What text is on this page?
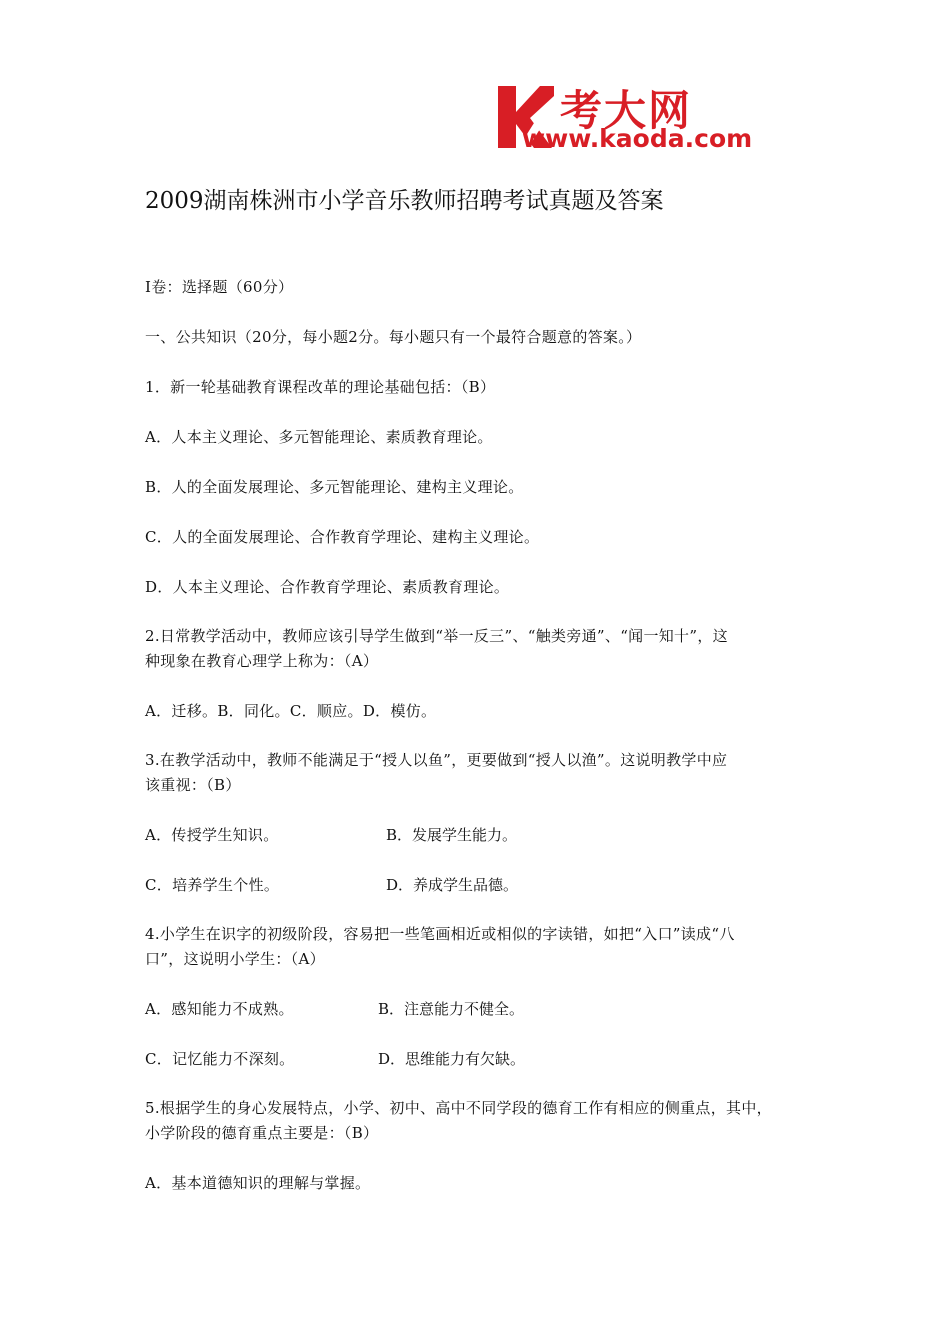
考大网
www.kaoda.com
2009湖南株洲市小学音乐教师招聘考试真题及答案
Ⅰ卷：选择题（60分）
一、公共知识（20分，每小题2分。每小题只有一个最符合题意的答案。）
1．新一轮基础教育课程改革的理论基础包括：（B）
A．人本主义理论、多元智能理论、素质教育理论。
B．人的全面发展理论、多元智能理论、建构主义理论。
C．人的全面发展理论、合作教育学理论、建构主义理论。
D．人本主义理论、合作教育学理论、素质教育理论。
2.日常教学活动中，教师应该引导学生做到“举一反三”、“触类旁通”、“闻一知十”，这
种现象在教育心理学上称为：（A）
A．迁移。B．同化。C．顺应。D．模仿。
3.在教学活动中，教师不能满足于“授人以鱼”，更要做到“授人以渔”。这说明教学中应
该重视：（B）
A．传授学生知识。	B．发展学生能力。
C．培养学生个性。	D．养成学生品德。
4.小学生在识字的初级阶段，容易把一些笔画相近或相似的字读错，如把“入口”读成“八
口”，这说明小学生：（A）
A．感知能力不成熟。	B．注意能力不健全。
C．记忆能力不深刻。	D．思维能力有欠缺。
5.根据学生的身心发展特点，小学、初中、高中不同学段的德育工作有相应的侧重点，其中，
小学阶段的德育重点主要是：（B）
A．基本道德知识的理解与掌握。
